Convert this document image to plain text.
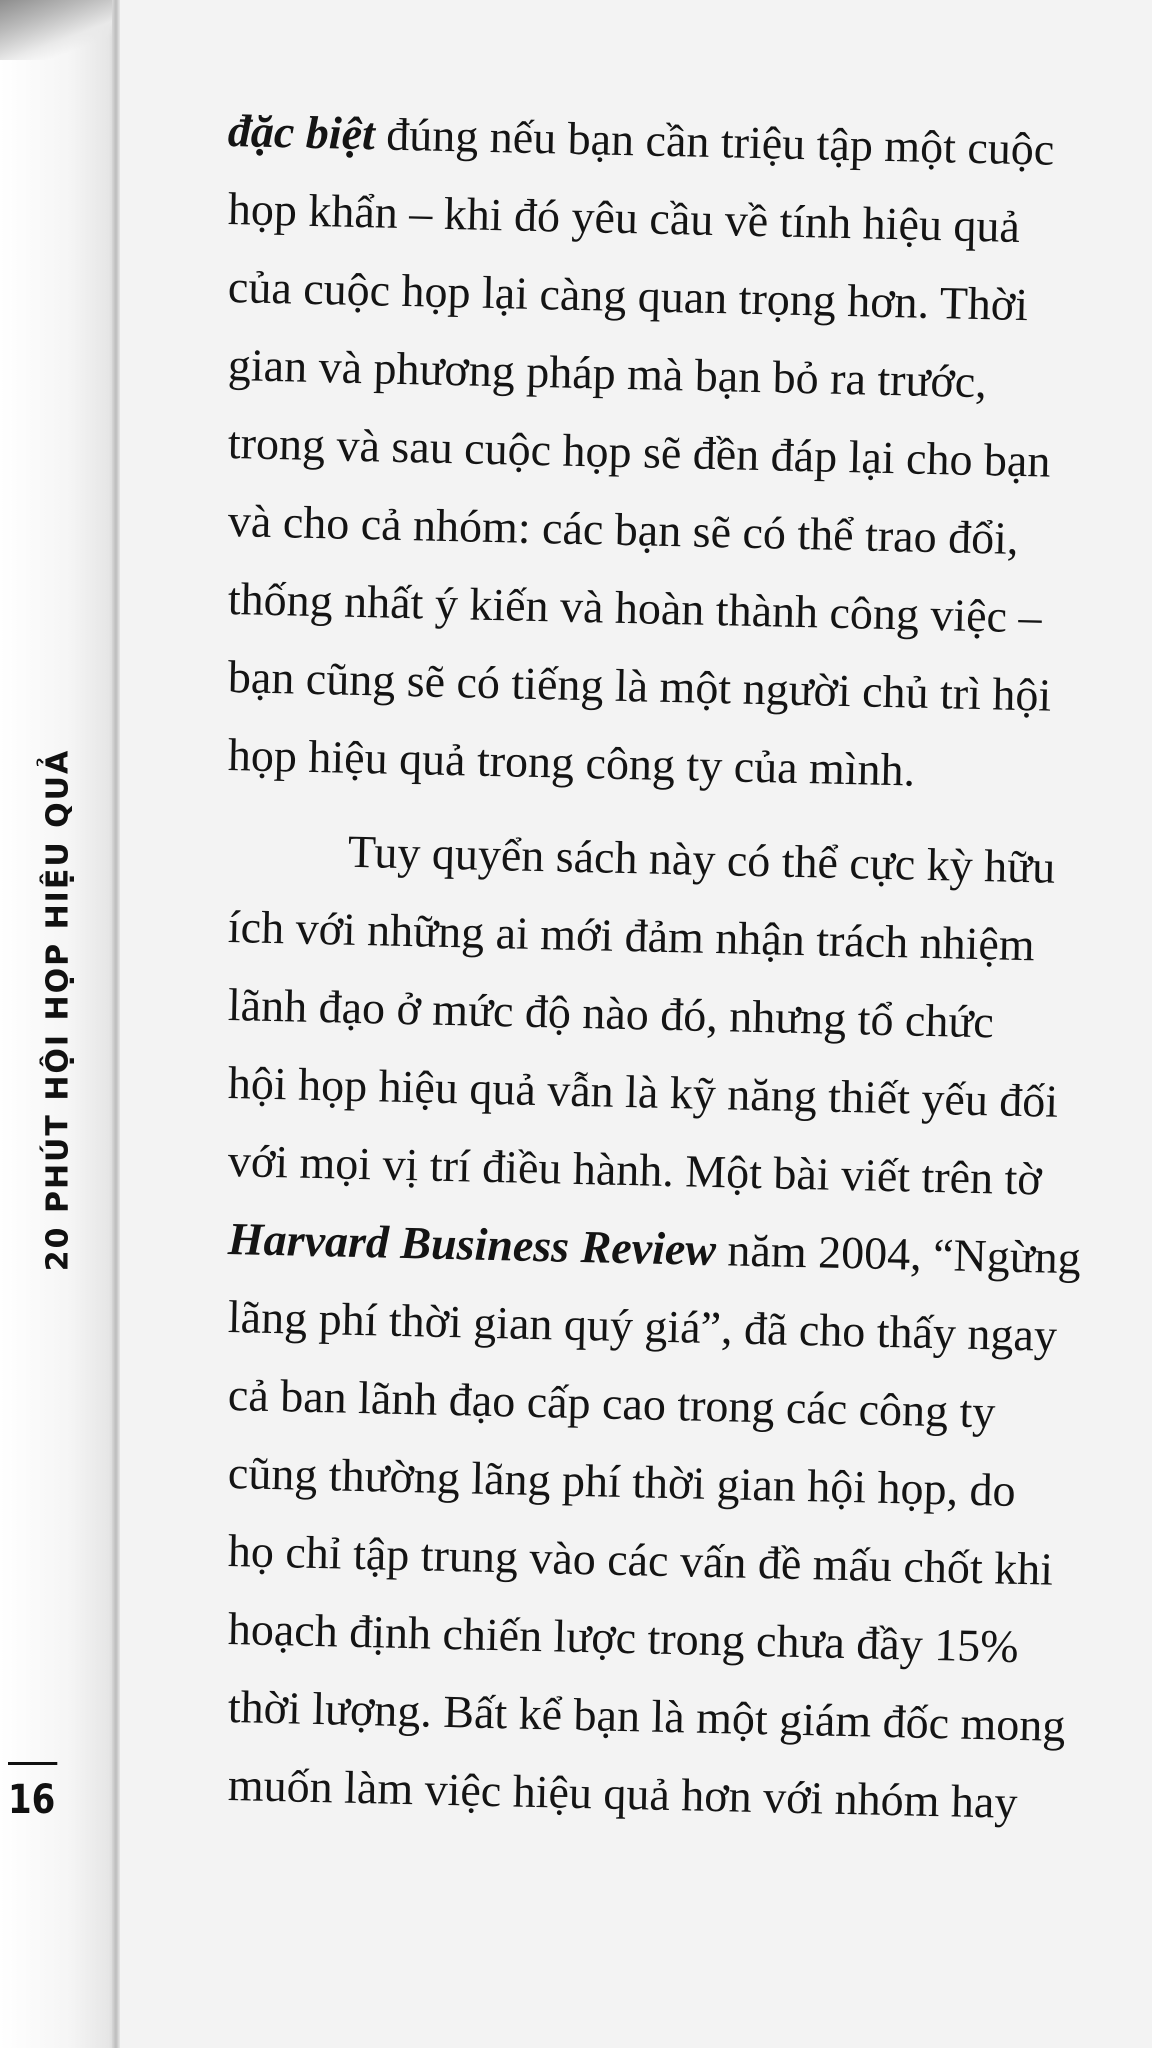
20 PHÚT HỘI HỌP HIỆU QUẢ
16
đặc biệt đúng nếu bạn cần triệu tập một cuộc
họp khẩn – khi đó yêu cầu về tính hiệu quả
của cuộc họp lại càng quan trọng hơn. Thời
gian và phương pháp mà bạn bỏ ra trước,
trong và sau cuộc họp sẽ đền đáp lại cho bạn
và cho cả nhóm: các bạn sẽ có thể trao đổi,
thống nhất ý kiến và hoàn thành công việc –
bạn cũng sẽ có tiếng là một người chủ trì hội
họp hiệu quả trong công ty của mình.
Tuy quyển sách này có thể cực kỳ hữu
ích với những ai mới đảm nhận trách nhiệm
lãnh đạo ở mức độ nào đó, nhưng tổ chức
hội họp hiệu quả vẫn là kỹ năng thiết yếu đối
với mọi vị trí điều hành. Một bài viết trên tờ
Harvard Business Review năm 2004, “Ngừng
lãng phí thời gian quý giá”, đã cho thấy ngay
cả ban lãnh đạo cấp cao trong các công ty
cũng thường lãng phí thời gian hội họp, do
họ chỉ tập trung vào các vấn đề mấu chốt khi
hoạch định chiến lược trong chưa đầy 15%
thời lượng. Bất kể bạn là một giám đốc mong
muốn làm việc hiệu quả hơn với nhóm hay
